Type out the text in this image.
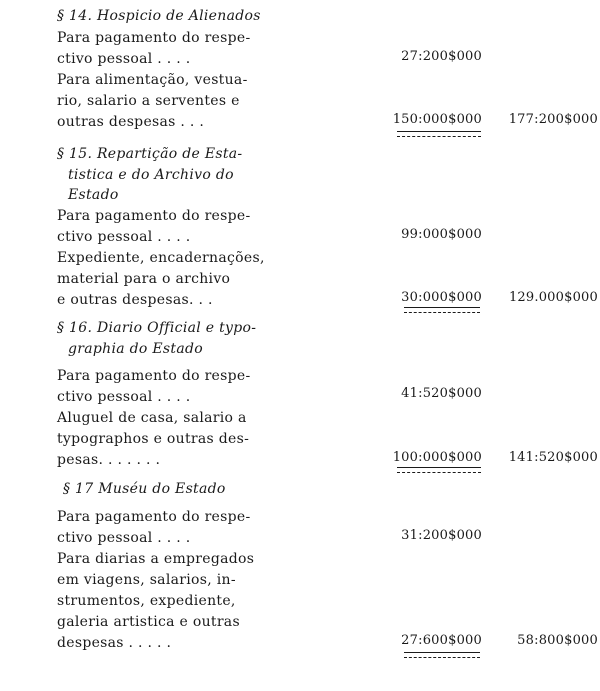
§ 14. Hospicio de Alienados
Para pagamento do respe-
ctivo pessoal . . . .	27:200$000
Para alimentação, vestua-
rio, salario a serventes e
outras despesas . . .	150:000$000 177:200$000
§ 15. Repartição de Esta-
tistica e do Archivo do
Estado
Para pagamento do respe-
ctivo pessoal . . . .	99:000$000
Expediente, encadernações,
material para o archivo
e outras despesas. . .	30:000$000 129.000$000
§ 16. Diario Official e typo-
graphia do Estado
Para pagamento do respe-
ctivo pessoal . . . .	41:520$000
Aluguel de casa, salario a
typographos e outras des-
pesas. . . . . . .	100:000$000 141:520$000
§ 17 Muséu do Estado
Para pagamento do respe-
ctivo pessoal . . . .	31:200$000
Para diarias a empregados
em viagens, salarios, in-
strumentos, expediente,
galeria artistica e outras
despesas . . . . .	27:600$000	58:800$000
